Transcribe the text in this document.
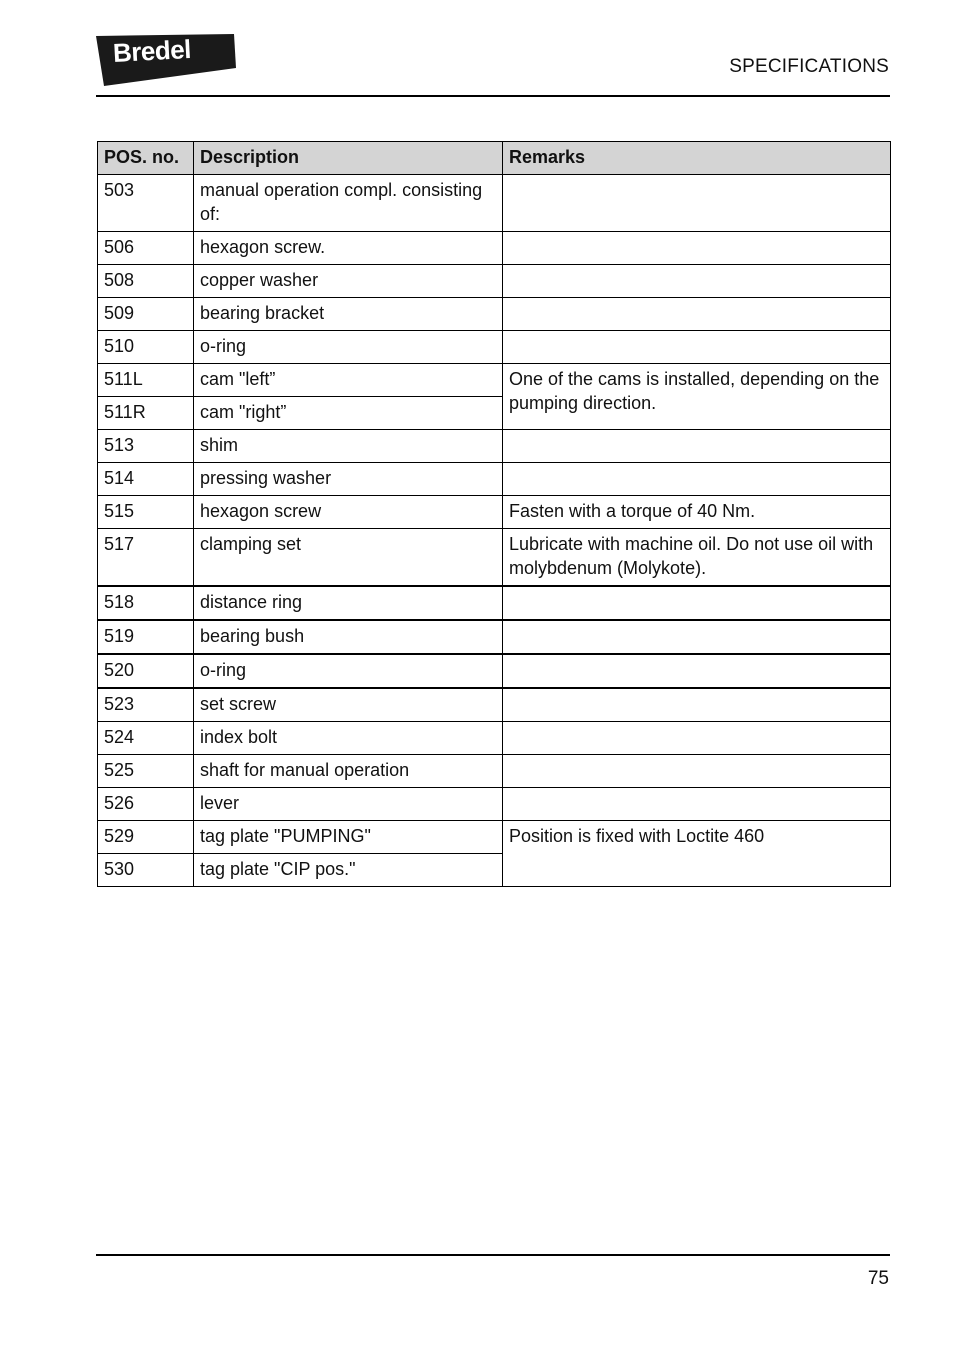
Bredel	SPECIFICATIONS
POS. no.	Description	Remarks
503	manual operation compl. consisting of:	
506	hexagon screw.	
508	copper washer	
509	bearing bracket	
510	o-ring	
511L	cam "left”	One of the cams is installed, depending on the pumping direction.
511R	cam "right”	
513	shim	
514	pressing washer	
515	hexagon screw	Fasten with a torque of 40 Nm.
517	clamping set	Lubricate with machine oil. Do not use oil with molybdenum (Molykote).
518	distance ring	
519	bearing bush	
520	o-ring	
523	set screw	
524	index bolt	
525	shaft for manual operation	
526	lever	
529	tag plate "PUMPING"	Position is fixed with Loctite 460
530	tag plate "CIP pos."	
75
